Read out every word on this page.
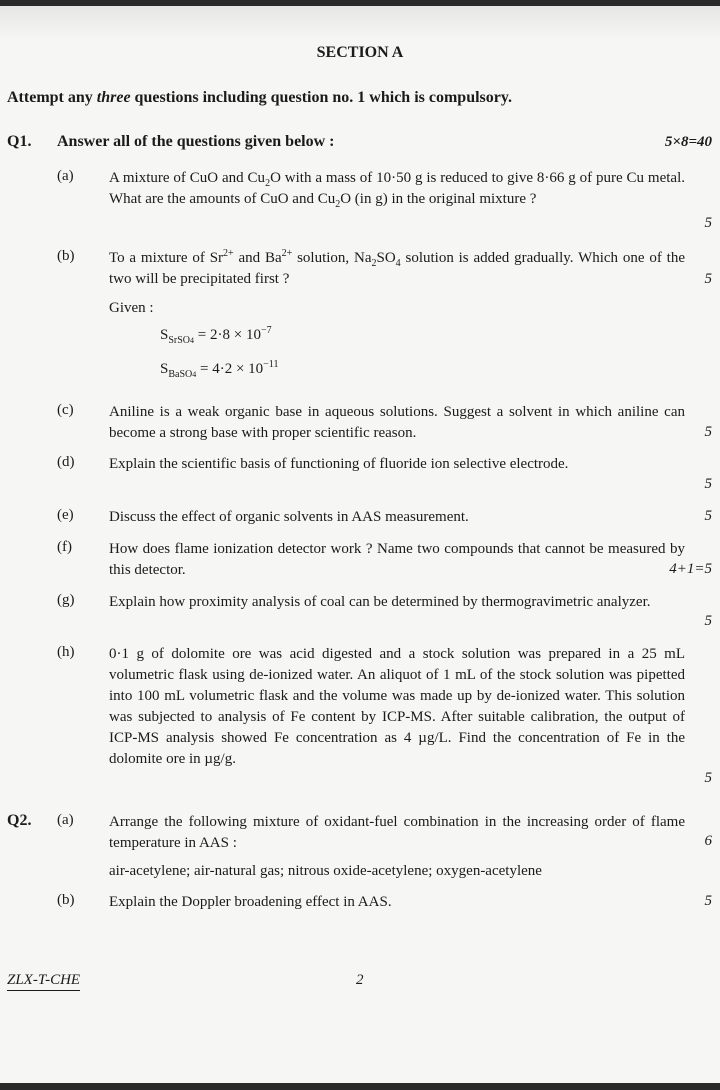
SECTION A
Attempt any three questions including question no. 1 which is compulsory.
Q1. Answer all of the questions given below :	5×8=40
(a) A mixture of CuO and $Cu_2O$ with a mass of 10·50 g is reduced to give 8·66 g of pure Cu metal. What are the amounts of CuO and $Cu_2O$ (in g) in the original mixture ?
5
(b) To a mixture of $Sr^{2+}$ and $Ba^{2+}$ solution, $Na_2SO_4$ solution is added gradually. Which one of the two will be precipitated first ?	5
Given :
$S_{SrSO4} = 2\cdot 8 \times 10^{-7}$
$S_{BaSO4} = 4\cdot 2 \times 10^{-11}$
(c) Aniline is a weak organic base in aqueous solutions. Suggest a solvent in which aniline can become a strong base with proper scientific reason.	5
(d) Explain the scientific basis of functioning of fluoride ion selective electrode.
5
(e) Discuss the effect of organic solvents in AAS measurement.	5
(f) How does flame ionization detector work ? Name two compounds that cannot be measured by this detector.	4+1=5
(g) Explain how proximity analysis of coal can be determined by thermogravimetric analyzer.
5
(h) 0·1 g of dolomite ore was acid digested and a stock solution was prepared in a 25 mL volumetric flask using de-ionized water. An aliquot of 1 mL of the stock solution was pipetted into 100 mL volumetric flask and the volume was made up by de-ionized water. This solution was subjected to analysis of Fe content by ICP-MS. After suitable calibration, the output of ICP-MS analysis showed Fe concentration as 4 µg/L. Find the concentration of Fe in the dolomite ore in µg/g.
5
Q2. (a) Arrange the following mixture of oxidant-fuel combination in the increasing order of flame temperature in AAS :	6
air-acetylene; air-natural gas; nitrous oxide-acetylene; oxygen-acetylene
(b) Explain the Doppler broadening effect in AAS.	5
ZLX-T-CHE	2
